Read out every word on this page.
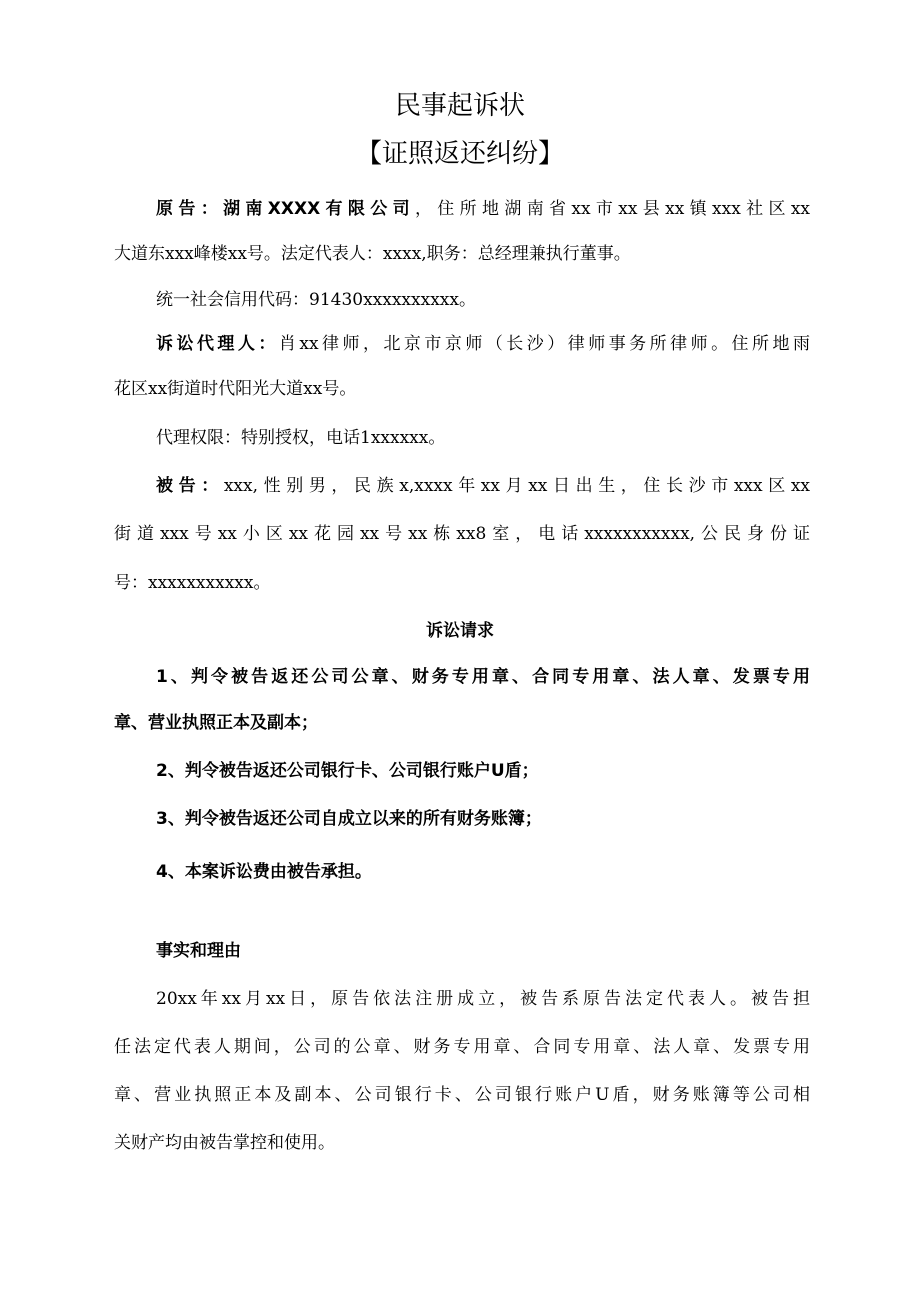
民事起诉状
【证照返还纠纷】
原告：湖南XXXX有限公司，住所地湖南省xx市xx县xx镇xxx社区xx
大道东xxx峰楼xx号。法定代表人：xxxx,职务：总经理兼执行董事。
统一社会信用代码：91430xxxxxxxxxx。
诉讼代理人：肖xx律师，北京市京师（长沙）律师事务所律师。住所地雨
花区xx街道时代阳光大道xx号。
代理权限：特别授权，电话1xxxxxx。
被告：xxx,性别男，民族x,xxxx年xx月xx日出生，住长沙市xxx区xx
街道xxx号xx小区xx花园xx号xx栋xx8室，电话xxxxxxxxxxx,公民身份证
号：xxxxxxxxxxx。
诉讼请求
1、判令被告返还公司公章、财务专用章、合同专用章、法人章、发票专用
章、营业执照正本及副本；
2、判令被告返还公司银行卡、公司银行账户U盾；
3、判令被告返还公司自成立以来的所有财务账簿；
4、本案诉讼费由被告承担。
事实和理由
20xx年xx月xx日，原告依法注册成立，被告系原告法定代表人。被告担
任法定代表人期间，公司的公章、财务专用章、合同专用章、法人章、发票专用
章、营业执照正本及副本、公司银行卡、公司银行账户U盾，财务账簿等公司相
关财产均由被告掌控和使用。
